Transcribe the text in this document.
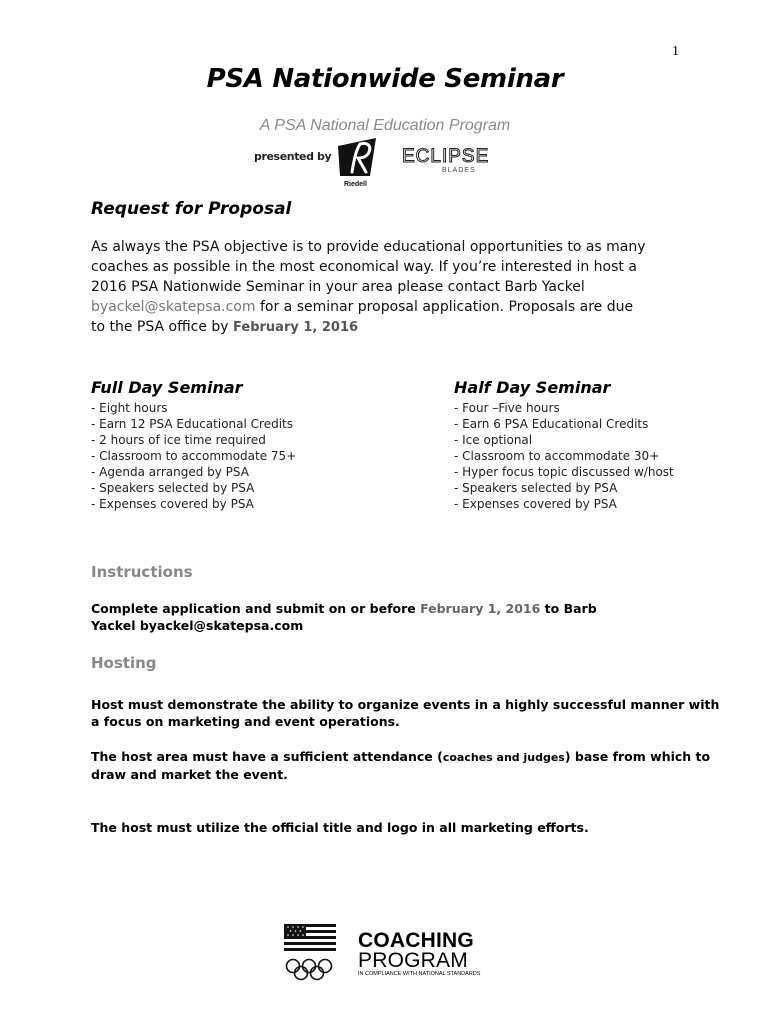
1
PSA Nationwide Seminar
A PSA National Education Program
presented by
Riedell
ECLIPSE
BLADES
Request for Proposal
As always the PSA objective is to provide educational opportunities to as many
coaches as possible in the most economical way. If you’re interested in host a
2016 PSA Nationwide Seminar in your area please contact Barb Yackel
byackel@skatepsa.com for a seminar proposal application. Proposals are due
to the PSA office by February 1, 2016
Full Day Seminar
- Eight hours
- Earn 12 PSA Educational Credits
- 2 hours of ice time required
- Classroom to accommodate 75+
- Agenda arranged by PSA
- Speakers selected by PSA
- Expenses covered by PSA
Half Day Seminar
- Four –Five hours
- Earn 6 PSA Educational Credits
- Ice optional
- Classroom to accommodate 30+
- Hyper focus topic discussed w/host
- Speakers selected by PSA
- Expenses covered by PSA
Instructions
Complete application and submit on or before February 1, 2016 to Barb
Yackel byackel@skatepsa.com
Hosting
Host must demonstrate the ability to organize events in a highly successful manner with
a focus on marketing and event operations.
The host area must have a sufficient attendance (coaches and judges) base from which to
draw and market the event.
The host must utilize the official title and logo in all marketing efforts.
COACHING
PROGRAM
IN COMPLIANCE WITH NATIONAL STANDARDS
